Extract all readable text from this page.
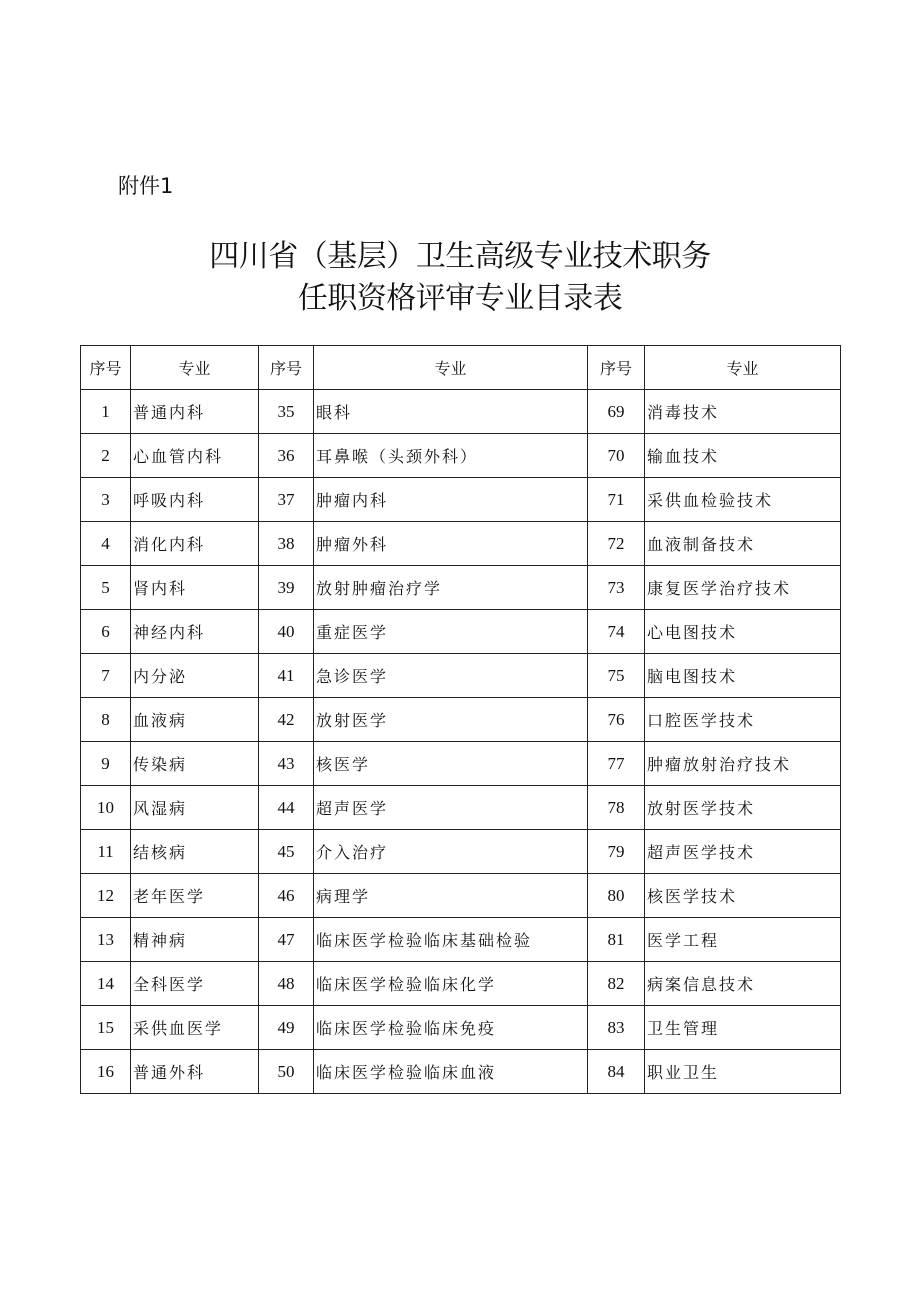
附件1
四川省（基层）卫生高级专业技术职务
任职资格评审专业目录表
序号	专业	序号	专业	序号	专业
1	普通内科	35	眼科	69	消毒技术
2	心血管内科	36	耳鼻喉（头颈外科）	70	输血技术
3	呼吸内科	37	肿瘤内科	71	采供血检验技术
4	消化内科	38	肿瘤外科	72	血液制备技术
5	肾内科	39	放射肿瘤治疗学	73	康复医学治疗技术
6	神经内科	40	重症医学	74	心电图技术
7	内分泌	41	急诊医学	75	脑电图技术
8	血液病	42	放射医学	76	口腔医学技术
9	传染病	43	核医学	77	肿瘤放射治疗技术
10	风湿病	44	超声医学	78	放射医学技术
11	结核病	45	介入治疗	79	超声医学技术
12	老年医学	46	病理学	80	核医学技术
13	精神病	47	临床医学检验临床基础检验	81	医学工程
14	全科医学	48	临床医学检验临床化学	82	病案信息技术
15	采供血医学	49	临床医学检验临床免疫	83	卫生管理
16	普通外科	50	临床医学检验临床血液	84	职业卫生
